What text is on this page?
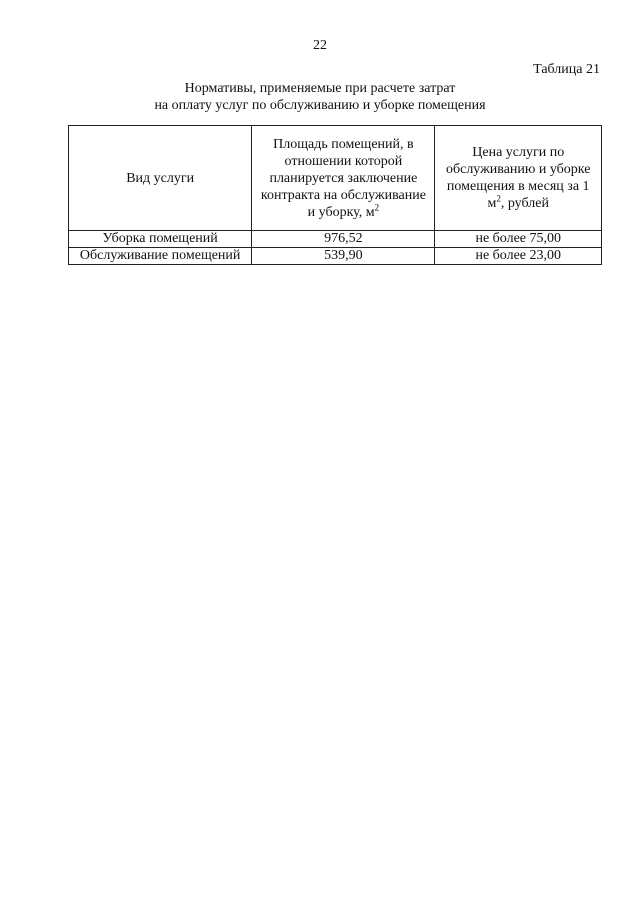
22
Таблица 21
Нормативы, применяемые при расчете затрат
на оплату услуг по обслуживанию и уборке помещения
Вид услуги	Площадь помещений, в отношении которой планируется заключение контракта на обслуживание и уборку, $м^2$	Цена услуги по обслуживанию и уборке помещения в месяц за 1 $м^2$, рублей
Уборка помещений	976,52	не более 75,00
Обслуживание помещений	539,90	не более 23,00
